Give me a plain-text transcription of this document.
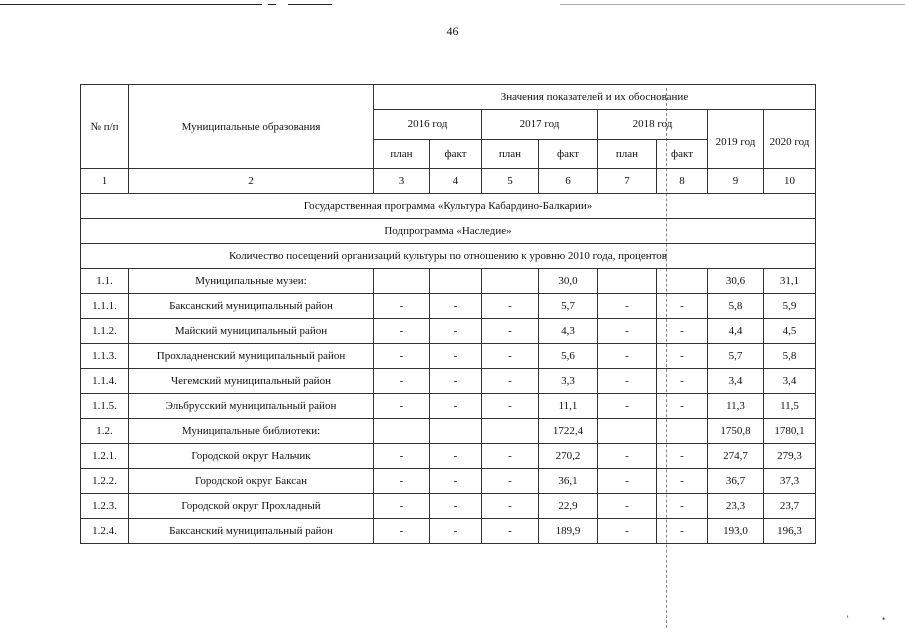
46
ʼ	•
№ п/п	Муниципальные образования	Значения показателей и их обоснование							
		2016 год		2017 год		2018 год		2019 год	2020 год
		план	факт	план	факт	план	факт		
1	2	3	4	5	6	7	8	9	10
Государственная программа «Культура Кабардино-Балкарии»									
Подпрограмма «Наследие»									
Количество посещений организаций культуры по отношению к уровню 2010 года, процентов									
1.1.	Муниципальные музеи:				30,0			30,6	31,1
1.1.1.	Баксанский муниципальный район	-	-	-	5,7	-	-	5,8	5,9
1.1.2.	Майский муниципальный район	-	-	-	4,3	-	-	4,4	4,5
1.1.3.	Прохладненский муниципальный район	-	-	-	5,6	-	-	5,7	5,8
1.1.4.	Чегемский муниципальный район	-	-	-	3,3	-	-	3,4	3,4
1.1.5.	Эльбрусский муниципальный район	-	-	-	11,1	-	-	11,3	11,5
1.2.	Муниципальные библиотеки:				1722,4			1750,8	1780,1
1.2.1.	Городской округ Нальчик	-	-	-	270,2	-	-	274,7	279,3
1.2.2.	Городской округ Баксан	-	-	-	36,1	-	-	36,7	37,3
1.2.3.	Городской округ Прохладный	-	-	-	22,9	-	-	23,3	23,7
1.2.4.	Баксанский муниципальный район	-	-	-	189,9	-	-	193,0	196,3
